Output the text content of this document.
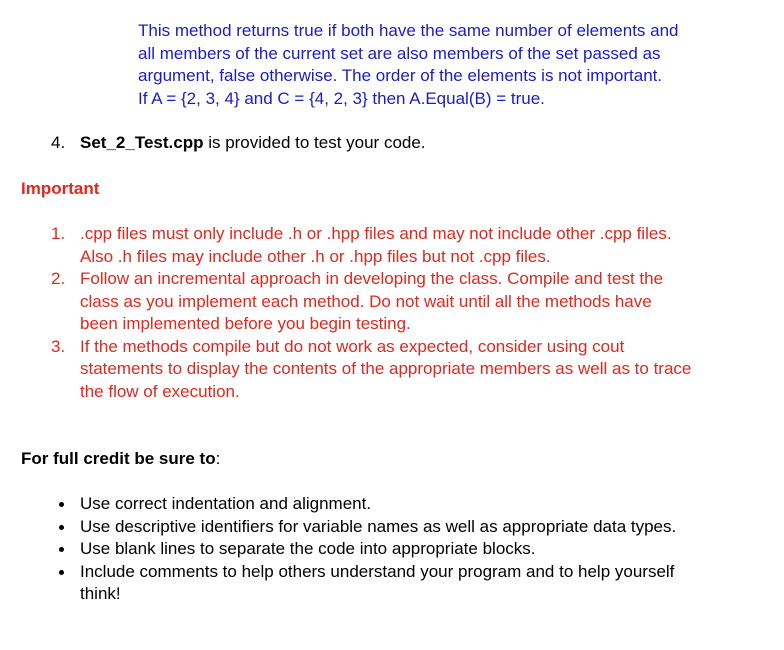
This method returns true if both have the same number of elements and
all members of the current set are also members of the set passed as
argument, false otherwise. The order of the elements is not important.
If A = {2, 3, 4} and C = {4, 2, 3} then A.Equal(B) = true.
4. Set_2_Test.cpp is provided to test your code.
Important
1. .cpp files must only include .h or .hpp files and may not include other .cpp files.
Also .h files may include other .h or .hpp files but not .cpp files.
2. Follow an incremental approach in developing the class. Compile and test the
class as you implement each method. Do not wait until all the methods have
been implemented before you begin testing.
3. If the methods compile but do not work as expected, consider using cout
statements to display the contents of the appropriate members as well as to trace
the flow of execution.
For full credit be sure to:
Use correct indentation and alignment.
Use descriptive identifiers for variable names as well as appropriate data types.
Use blank lines to separate the code into appropriate blocks.
Include comments to help others understand your program and to help yourself
think!
